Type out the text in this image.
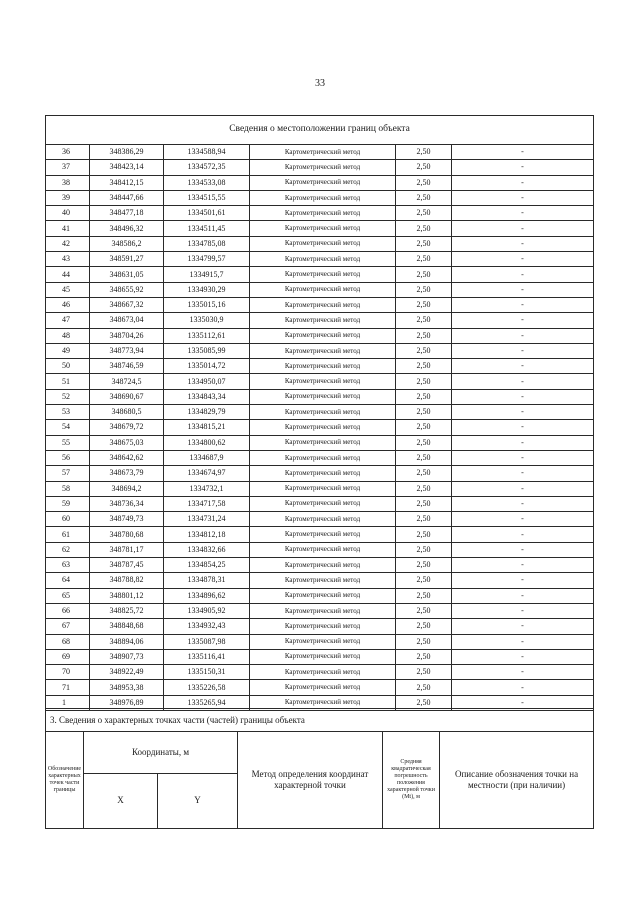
33
Сведения о местоположении границ объекта					
36	348386,29	1334588,94	Картометрический метод	2,50	-
37	348423,14	1334572,35	Картометрический метод	2,50	-
38	348412,15	1334533,08	Картометрический метод	2,50	-
39	348447,66	1334515,55	Картометрический метод	2,50	-
40	348477,18	1334501,61	Картометрический метод	2,50	-
41	348496,32	1334511,45	Картометрический метод	2,50	-
42	348586,2	1334785,08	Картометрический метод	2,50	-
43	348591,27	1334799,57	Картометрический метод	2,50	-
44	348631,05	1334915,7	Картометрический метод	2,50	-
45	348655,92	1334930,29	Картометрический метод	2,50	-
46	348667,32	1335015,16	Картометрический метод	2,50	-
47	348673,04	1335030,9	Картометрический метод	2,50	-
48	348704,26	1335112,61	Картометрический метод	2,50	-
49	348773,94	1335085,99	Картометрический метод	2,50	-
50	348746,59	1335014,72	Картометрический метод	2,50	-
51	348724,5	1334950,07	Картометрический метод	2,50	-
52	348690,67	1334843,34	Картометрический метод	2,50	-
53	348680,5	1334829,79	Картометрический метод	2,50	-
54	348679,72	1334815,21	Картометрический метод	2,50	-
55	348675,03	1334800,62	Картометрический метод	2,50	-
56	348642,62	1334687,9	Картометрический метод	2,50	-
57	348673,79	1334674,97	Картометрический метод	2,50	-
58	348694,2	1334732,1	Картометрический метод	2,50	-
59	348736,34	1334717,58	Картометрический метод	2,50	-
60	348749,73	1334731,24	Картометрический метод	2,50	-
61	348780,68	1334812,18	Картометрический метод	2,50	-
62	348781,17	1334832,66	Картометрический метод	2,50	-
63	348787,45	1334854,25	Картометрический метод	2,50	-
64	348788,82	1334878,31	Картометрический метод	2,50	-
65	348801,12	1334896,62	Картометрический метод	2,50	-
66	348825,72	1334905,92	Картометрический метод	2,50	-
67	348848,68	1334932,43	Картометрический метод	2,50	-
68	348894,06	1335087,98	Картометрический метод	2,50	-
69	348907,73	1335116,41	Картометрический метод	2,50	-
70	348922,49	1335150,31	Картометрический метод	2,50	-
71	348953,38	1335226,58	Картометрический метод	2,50	-
1	348976,89	1335265,94	Картометрический метод	2,50	-
3. Сведения о характерных точках части (частей) границы объекта					
Обозначение характерных точек части границы	Координаты, м		Метод определения координат характерной точки	Средняя квадратическая погрешность положения характерной точки (Мt), м	Описание обозначения точки на местности (при наличии)
	X	Y			
